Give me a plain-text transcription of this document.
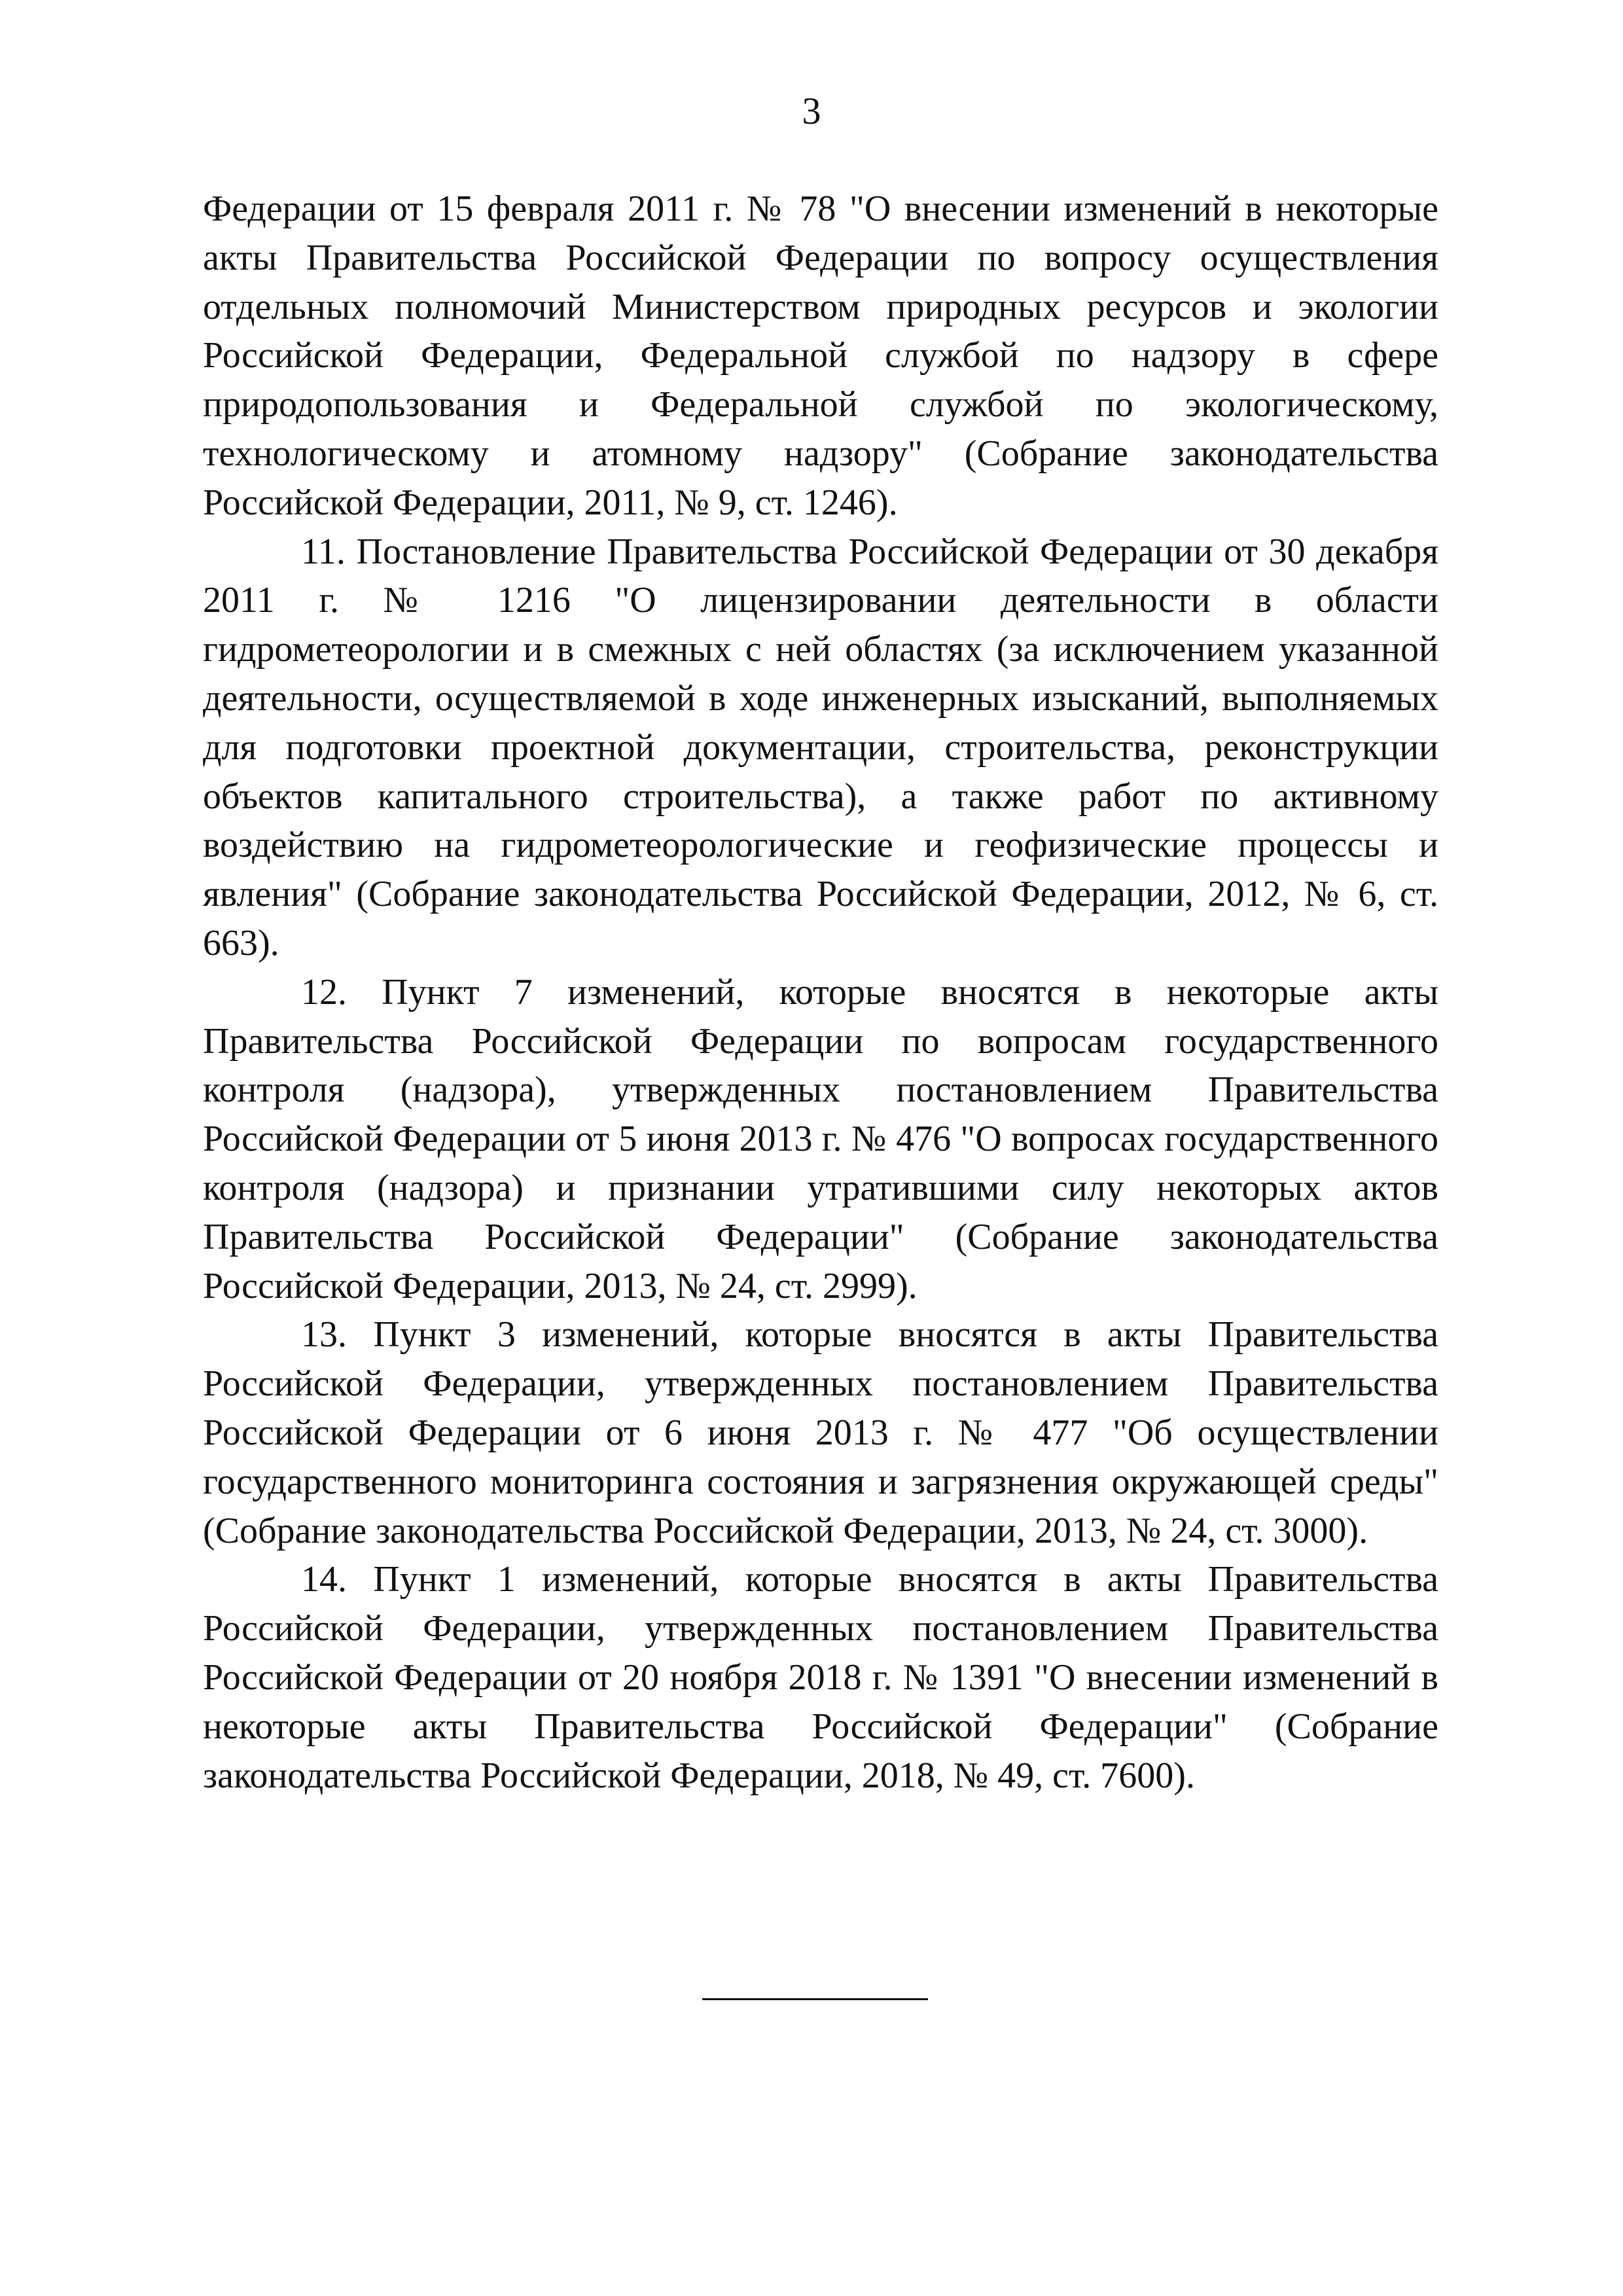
3

Федерации от 15 февраля 2011 г. № 78 "О внесении изменений в некоторые акты Правительства Российской Федерации по вопросу осуществления отдельных полномочий Министерством природных ресурсов и экологии Российской Федерации, Федеральной службой по надзору в сфере природопользования и Федеральной службой по экологическому, технологическому и атомному надзору" (Собрание законодательства Российской Федерации, 2011, № 9, ст. 1246).

11. Постановление Правительства Российской Федерации от 30 декабря 2011 г. № 1216 "О лицензировании деятельности в области гидрометеорологии и в смежных с ней областях (за исключением указанной деятельности, осуществляемой в ходе инженерных изысканий, выполняемых для подготовки проектной документации, строительства, реконструкции объектов капитального строительства), а также работ по активному воздействию на гидрометеорологические и геофизические процессы и явления" (Собрание законодательства Российской Федерации, 2012, № 6, ст. 663).

12. Пункт 7 изменений, которые вносятся в некоторые акты Правительства Российской Федерации по вопросам государственного контроля (надзора), утвержденных постановлением Правительства Российской Федерации от 5 июня 2013 г. № 476 "О вопросах государственного контроля (надзора) и признании утратившими силу некоторых актов Правительства Российской Федерации" (Собрание законодательства Российской Федерации, 2013, № 24, ст. 2999).

13. Пункт 3 изменений, которые вносятся в акты Правительства Российской Федерации, утвержденных постановлением Правительства Российской Федерации от 6 июня 2013 г. № 477 "Об осуществлении государственного мониторинга состояния и загрязнения окружающей среды" (Собрание законодательства Российской Федерации, 2013, № 24, ст. 3000).

14. Пункт 1 изменений, которые вносятся в акты Правительства Российской Федерации, утвержденных постановлением Правительства Российской Федерации от 20 ноября 2018 г. № 1391 "О внесении изменений в некоторые акты Правительства Российской Федерации" (Собрание законодательства Российской Федерации, 2018, № 49, ст. 7600).
